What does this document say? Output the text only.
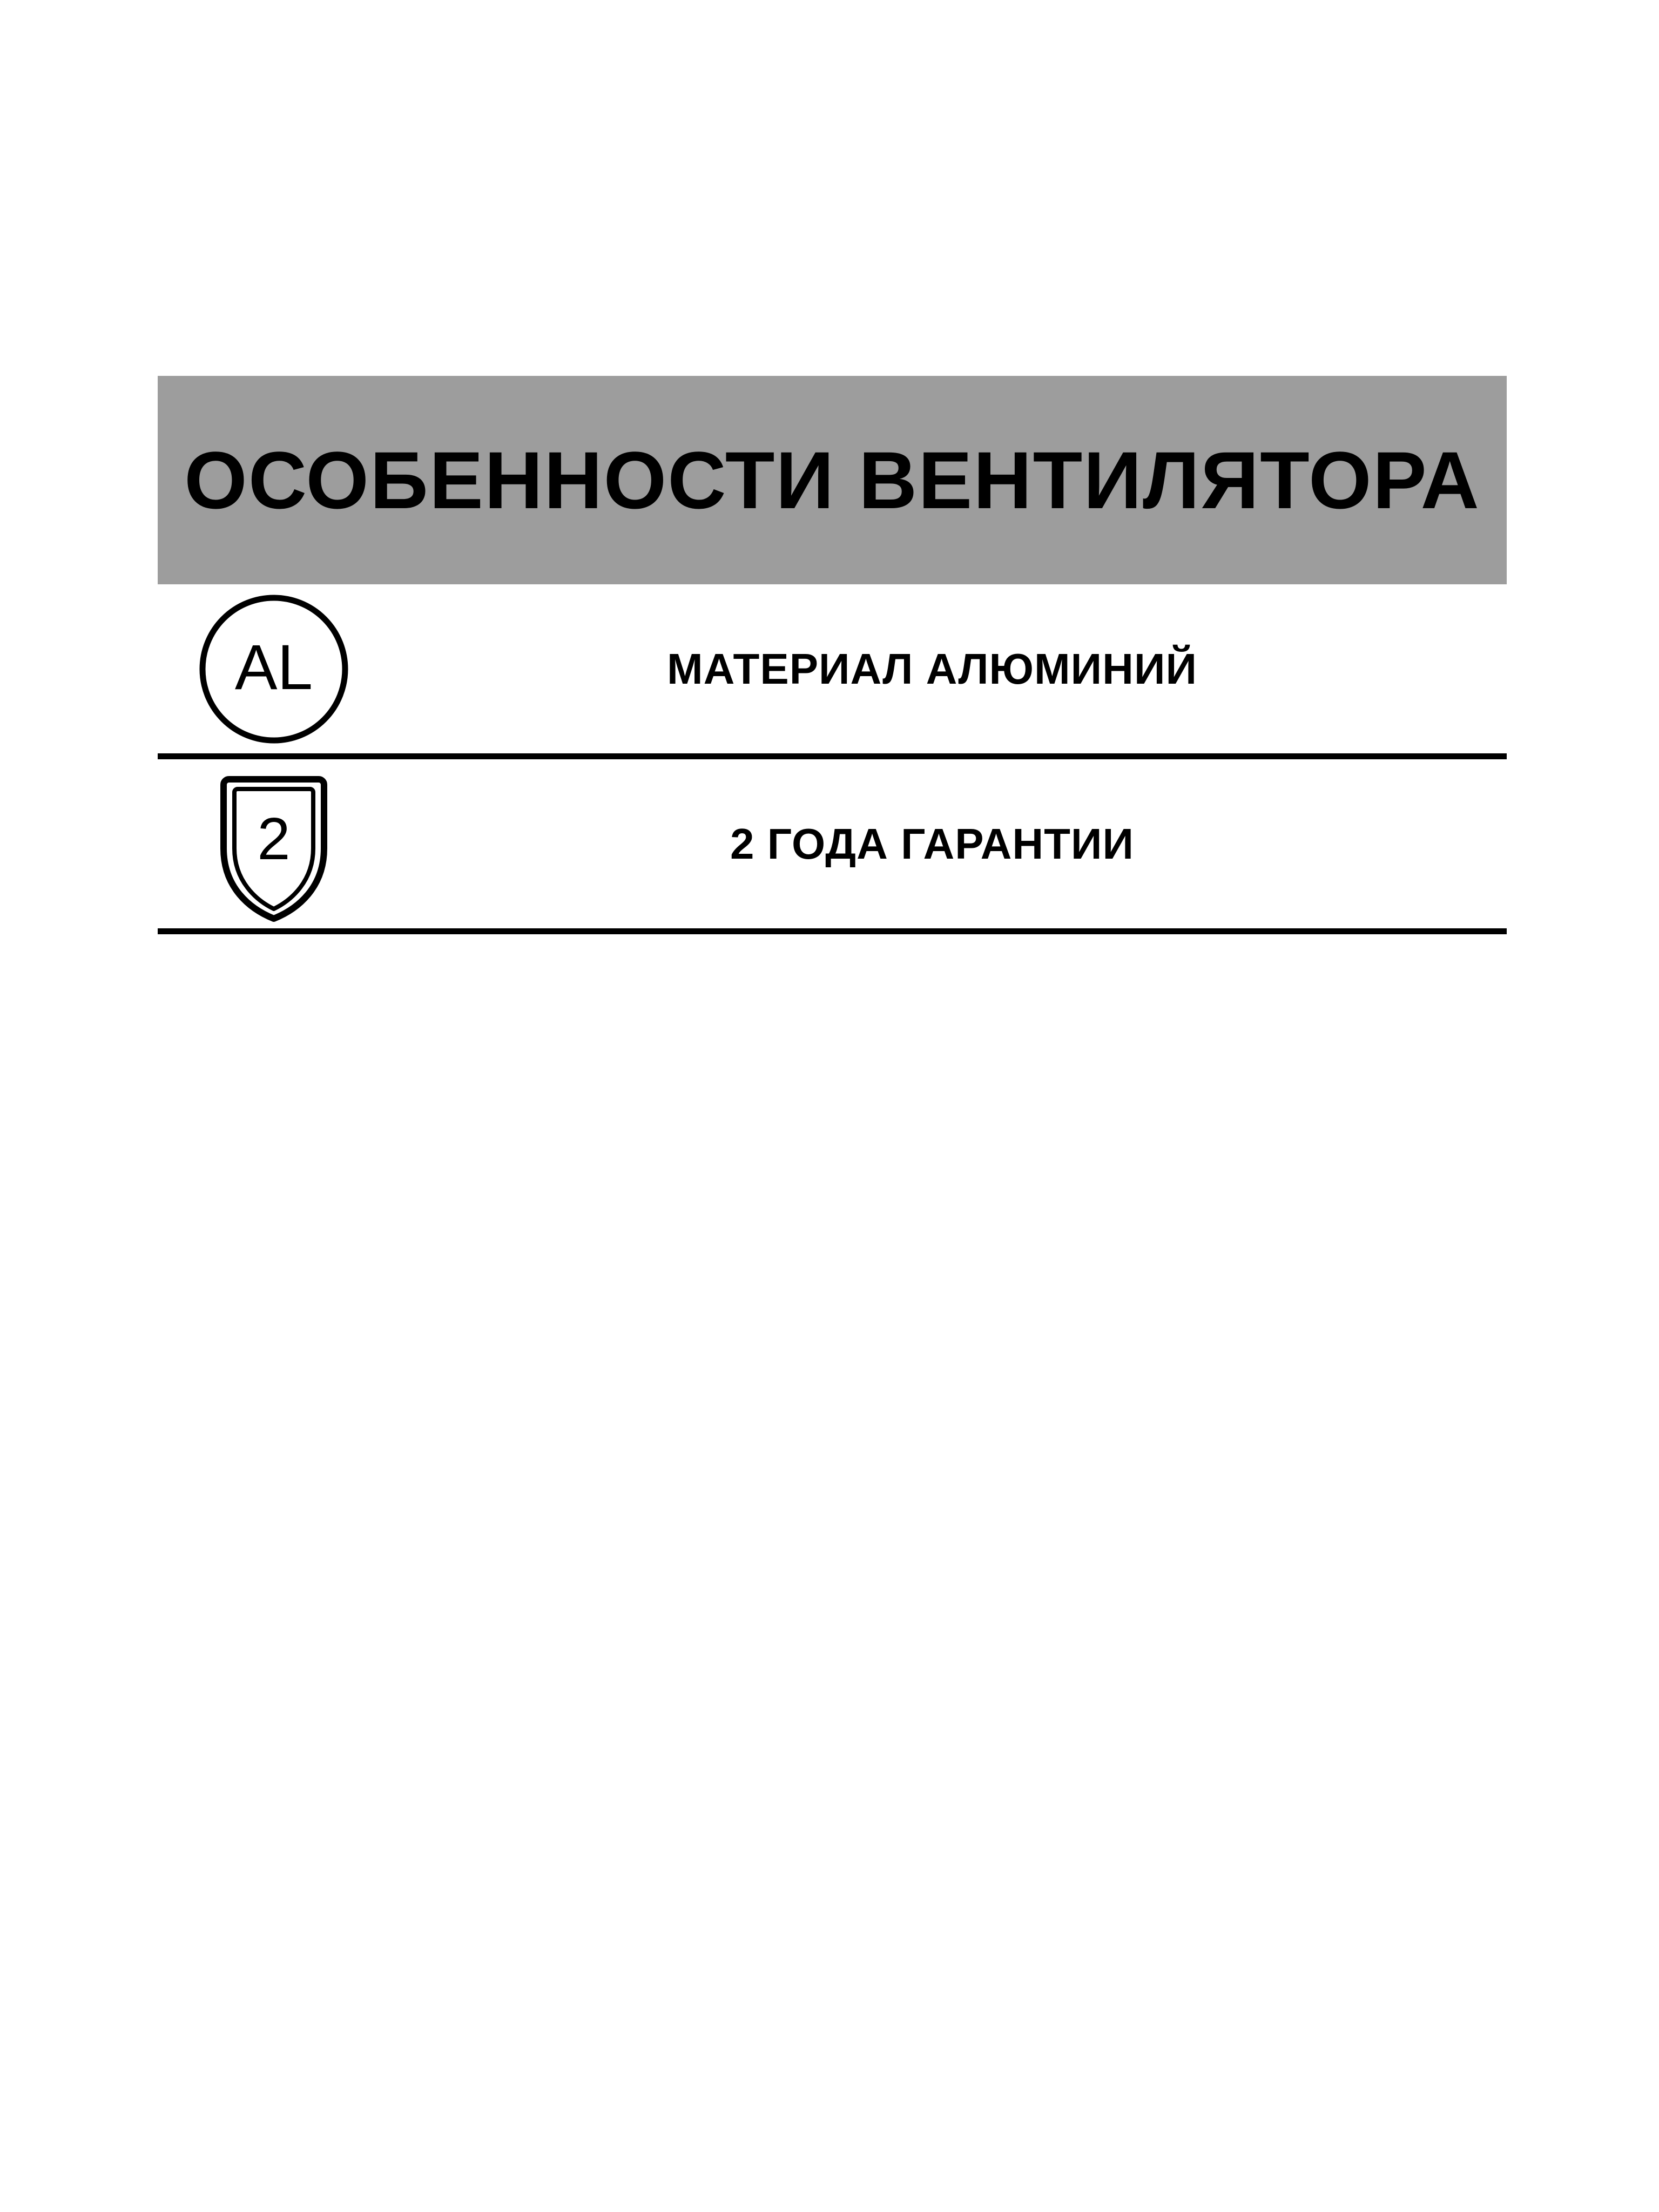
ОСОБЕННОСТИ ВЕНТИЛЯТОРА
AL	МАТЕРИАЛ АЛЮМИНИЙ
2	2 ГОДА ГАРАНТИИ
